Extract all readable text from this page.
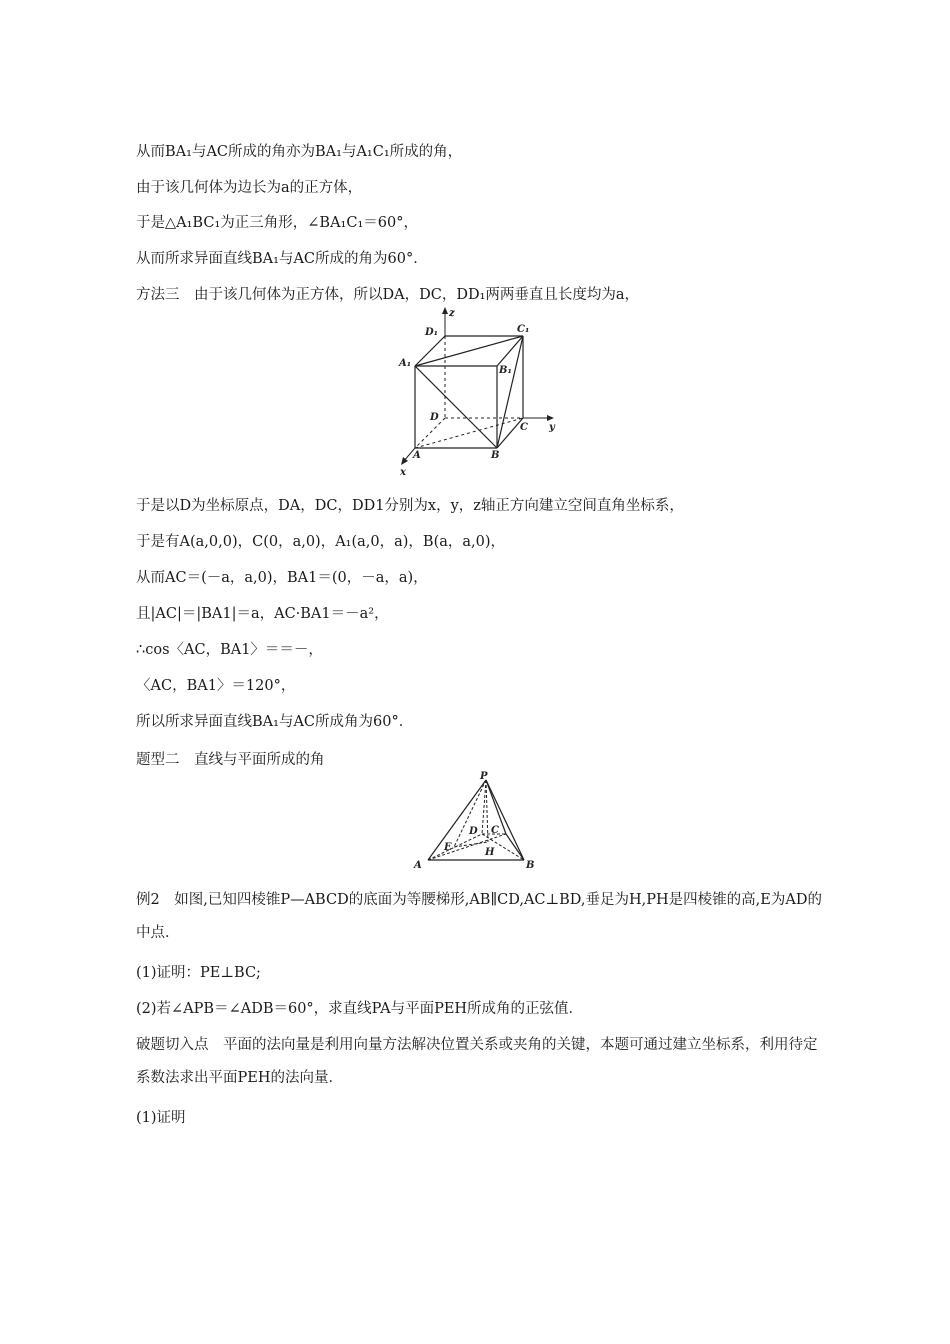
从而BA₁与AC所成的角亦为BA₁与A₁C₁所成的角，
由于该几何体为边长为a的正方体，
于是△A₁BC₁为正三角形，∠BA₁C₁＝60°，
从而所求异面直线BA₁与AC所成的角为60°．
方法三　由于该几何体为正方体，所以DA，DC，DD₁两两垂直且长度均为a，
z
D₁	C₁
A₁
B₁
D
C y
A	B
x
于是以D为坐标原点，DA，DC，DD1分别为x，y，z轴正方向建立空间直角坐标系，
于是有A(a,0,0)，C(0，a,0)，A₁(a,0，a)，B(a，a,0)，
从而AC＝(－a，a,0)，BA1＝(0，－a，a)，
且|AC|＝|BA1|＝a，AC·BA1＝－a²，
∴cos〈AC，BA1〉＝＝－，
〈AC，BA1〉＝120°，
所以所求异面直线BA₁与AC所成角为60°．
题型二　直线与平面所成的角
P
D C
E	H
A	B
例2　如图,已知四棱锥P—ABCD的底面为等腰梯形,AB∥CD,AC⊥BD,垂足为H,PH是四棱锥的高,E为AD的中点．
(1)证明：PE⊥BC;
(2)若∠APB＝∠ADB＝60°，求直线PA与平面PEH所成角的正弦值．
破题切入点　平面的法向量是利用向量方法解决位置关系或夹角的关键，本题可通过建立坐标系，利用待定系数法求出平面PEH的法向量．
(1)证明
